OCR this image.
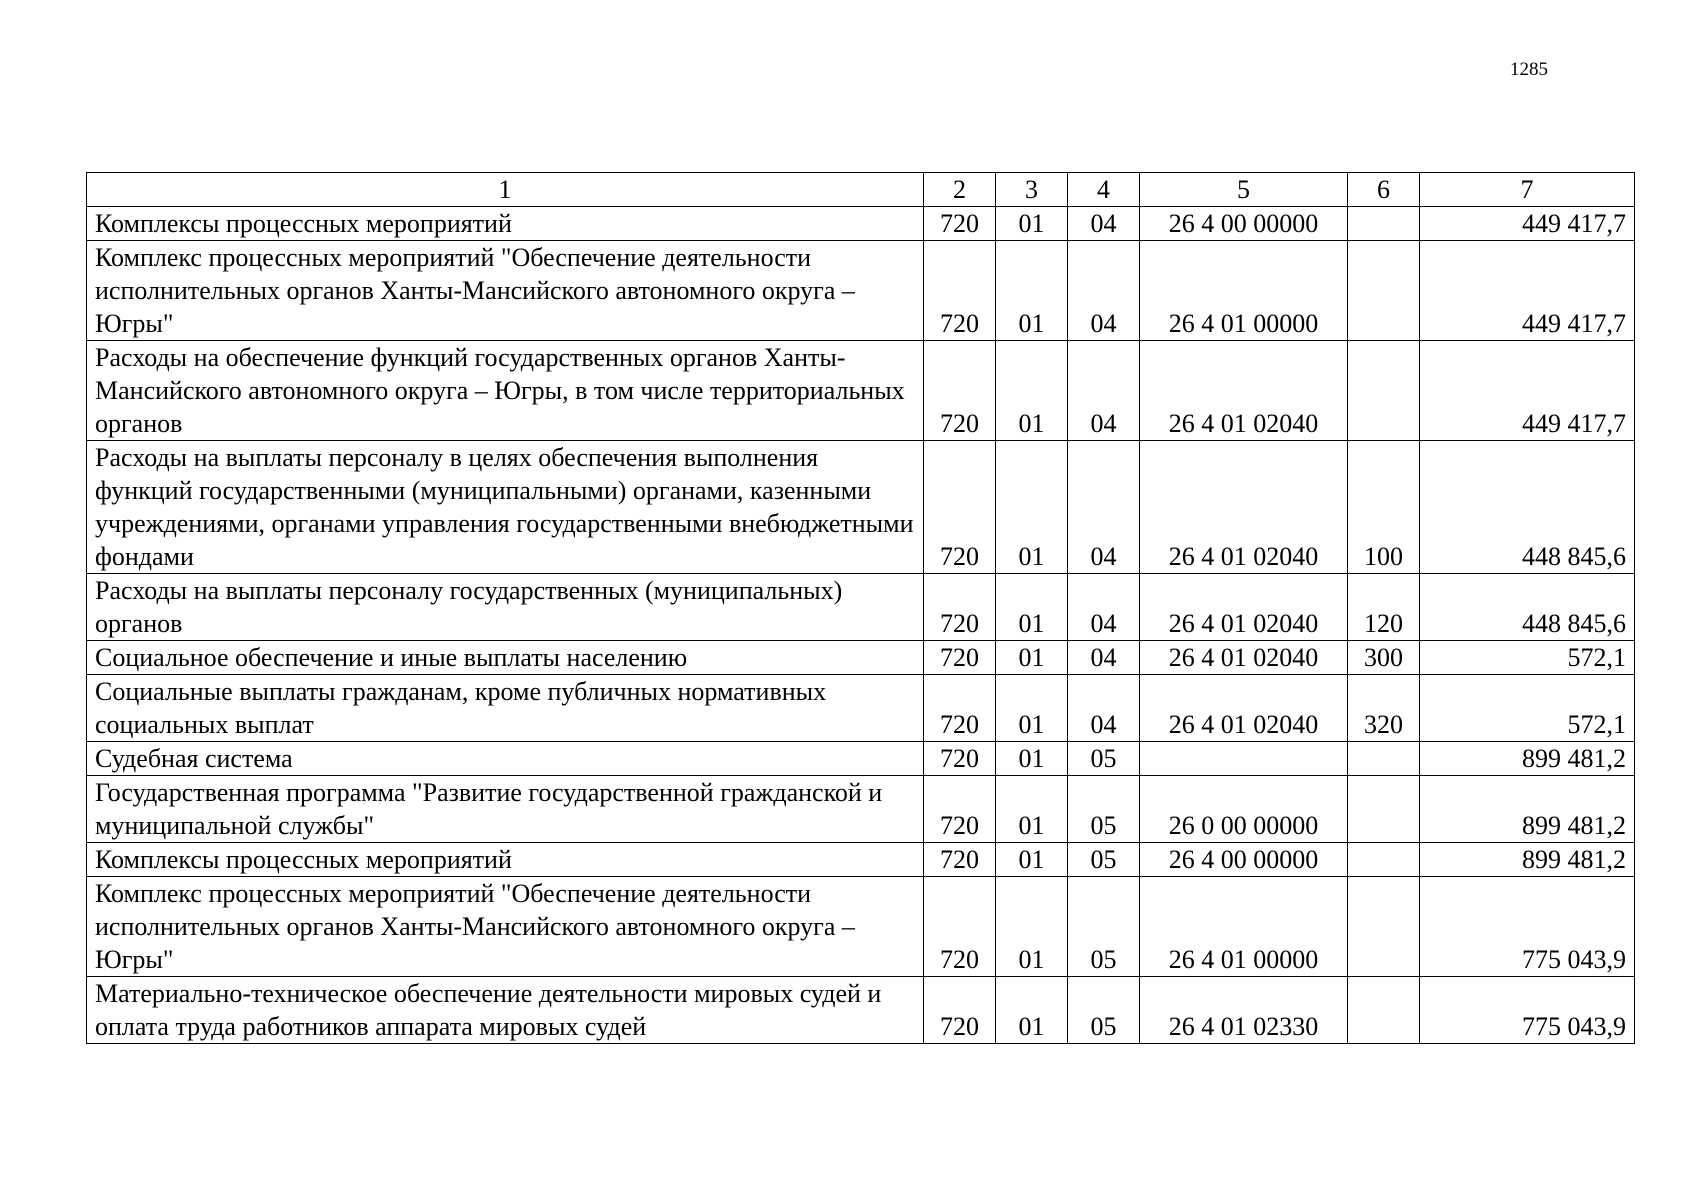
1285
1	2	3	4	5	6	7
Комплексы процессных мероприятий	720	01	04	26 4 00 00000		449 417,7
Комплекс процессных мероприятий "Обеспечение деятельности исполнительных органов Ханты-Мансийского автономного округа – Югры"	720	01	04	26 4 01 00000		449 417,7
Расходы на обеспечение функций государственных органов Ханты-Мансийского автономного округа – Югры, в том числе территориальных органов	720	01	04	26 4 01 02040		449 417,7
Расходы на выплаты персоналу в целях обеспечения выполнения функций государственными (муниципальными) органами, казенными учреждениями, органами управления государственными внебюджетными фондами	720	01	04	26 4 01 02040	100	448 845,6
Расходы на выплаты персоналу государственных (муниципальных) органов	720	01	04	26 4 01 02040	120	448 845,6
Социальное обеспечение и иные выплаты населению	720	01	04	26 4 01 02040	300	572,1
Социальные выплаты гражданам, кроме публичных нормативных социальных выплат	720	01	04	26 4 01 02040	320	572,1
Судебная система	720	01	05			899 481,2
Государственная программа "Развитие государственной гражданской и муниципальной службы"	720	01	05	26 0 00 00000		899 481,2
Комплексы процессных мероприятий	720	01	05	26 4 00 00000		899 481,2
Комплекс процессных мероприятий "Обеспечение деятельности исполнительных органов Ханты-Мансийского автономного округа – Югры"	720	01	05	26 4 01 00000		775 043,9
Материально-техническое обеспечение деятельности мировых судей и оплата труда работников аппарата мировых судей	720	01	05	26 4 01 02330		775 043,9
